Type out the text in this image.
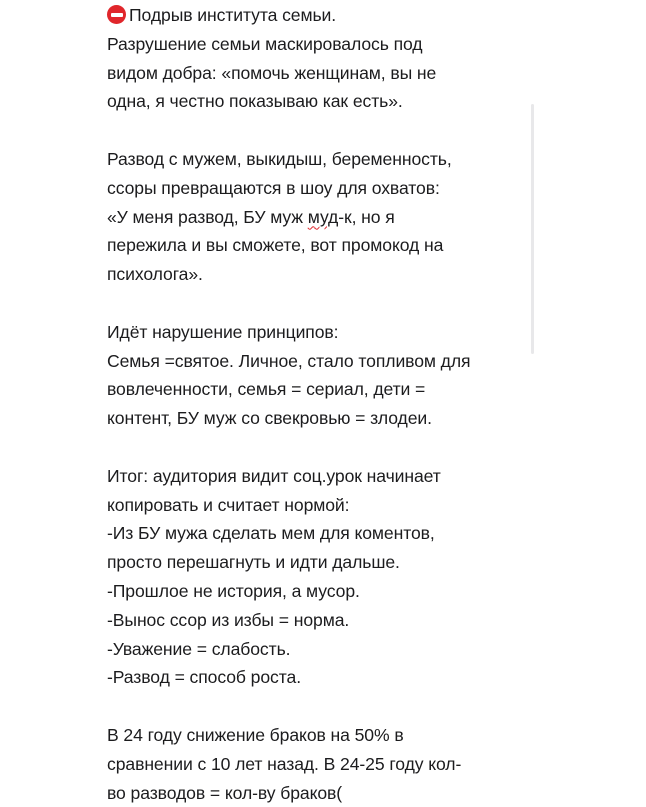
Подрыв института семьи.
Разрушение семьи маскировалось под
видом добра: «помочь женщинам, вы не
одна, я честно показываю как есть».
Развод с мужем, выкидыш, беременность,
ссоры превращаются в шоу для охватов:
«У меня развод, БУ муж муд-к, но я
пережила и вы сможете, вот промокод на
психолога».
Идёт нарушение принципов:
Семья =святое. Личное, стало топливом для
вовлеченности, семья = сериал, дети =
контент, БУ муж со свекровью = злодеи.
Итог: аудитория видит соц.урок начинает
копировать и считает нормой:
-Из БУ мужа сделать мем для коментов,
просто перешагнуть и идти дальше.
-Прошлое не история, а мусор.
-Вынос ссор из избы = норма.
-Уважение = слабость.
-Развод = способ роста.
В 24 году снижение браков на 50% в
сравнении с 10 лет назад. В 24-25 году кол-
во разводов = кол-ву браков(
